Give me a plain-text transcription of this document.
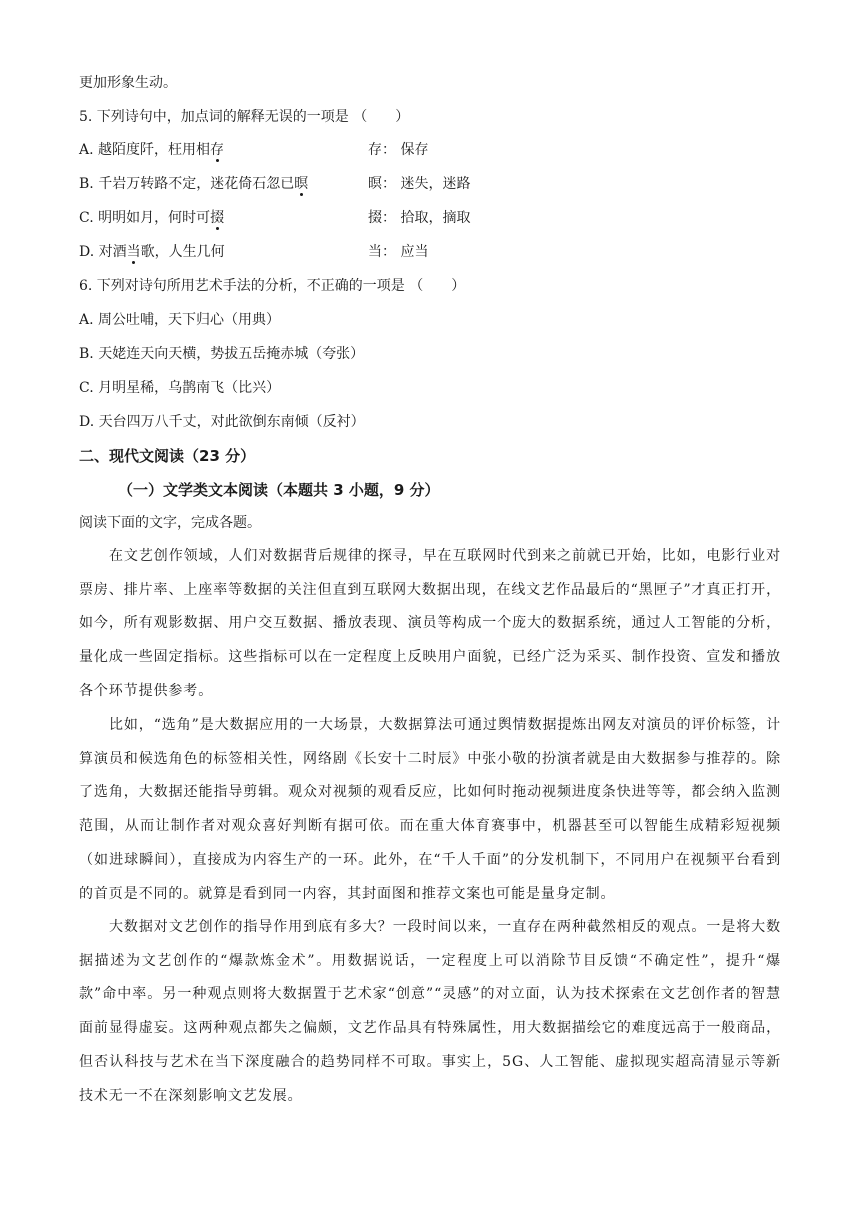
更加形象生动。
5. 下列诗句中，加点词的解释无误的一项是 （　　）
A. 越陌度阡，枉用相存	存： 保存
B. 千岩万转路不定，迷花倚石忽已暝	暝： 迷失，迷路
C. 明明如月，何时可掇	掇： 拾取，摘取
D. 对酒当歌，人生几何	当： 应当
6. 下列对诗句所用艺术手法的分析，不正确的一项是 （　　）
A. 周公吐哺，天下归心（用典）
B. 天姥连天向天横，势拔五岳掩赤城（夸张）
C. 月明星稀，乌鹊南飞（比兴）
D. 天台四万八千丈，对此欲倒东南倾（反衬）
二、现代文阅读（23 分）
（一）文学类文本阅读（本题共 3 小题，9 分）
阅读下面的文字，完成各题。
在文艺创作领域，人们对数据背后规律的探寻，早在互联网时代到来之前就已开始，比如，电影行业对票房、排片率、上座率等数据的关注但直到互联网大数据出现，在线文艺作品最后的“黑匣子”才真正打开，如今，所有观影数据、用户交互数据、播放表现、演员等构成一个庞大的数据系统，通过人工智能的分析，量化成一些固定指标。这些指标可以在一定程度上反映用户面貌，已经广泛为采买、制作投资、宣发和播放各个环节提供参考。
比如，“选角”是大数据应用的一大场景，大数据算法可通过舆情数据提炼出网友对演员的评价标签，计算演员和候选角色的标签相关性，网络剧《长安十二时辰》中张小敬的扮演者就是由大数据参与推荐的。除了选角，大数据还能指导剪辑。观众对视频的观看反应，比如何时拖动视频进度条快进等等，都会纳入监测范围，从而让制作者对观众喜好判断有据可依。而在重大体育赛事中，机器甚至可以智能生成精彩短视频（如进球瞬间），直接成为内容生产的一环。此外，在“千人千面”的分发机制下，不同用户在视频平台看到的首页是不同的。就算是看到同一内容，其封面图和推荐文案也可能是量身定制。
大数据对文艺创作的指导作用到底有多大？一段时间以来，一直存在两种截然相反的观点。一是将大数据描述为文艺创作的“爆款炼金术”。用数据说话，一定程度上可以消除节目反馈“不确定性”，提升“爆款”命中率。另一种观点则将大数据置于艺术家“创意”“灵感”的对立面，认为技术探索在文艺创作者的智慧面前显得虚妄。这两种观点都失之偏颇，文艺作品具有特殊属性，用大数据描绘它的难度远高于一般商品，但否认科技与艺术在当下深度融合的趋势同样不可取。事实上，5G、人工智能、虚拟现实超高清显示等新技术无一不在深刻影响文艺发展。
